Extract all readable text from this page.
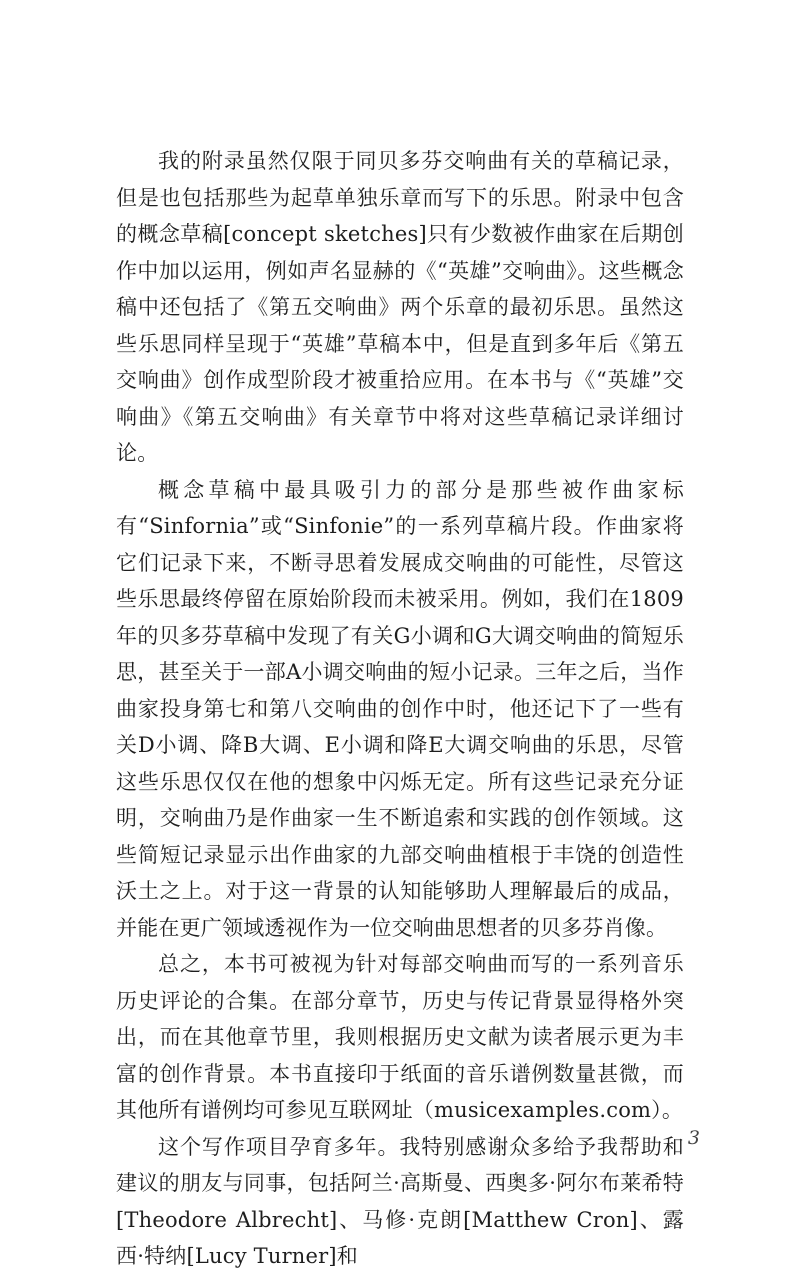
我的附录虽然仅限于同贝多芬交响曲有关的草稿记录，但是也包括那些为起草单独乐章而写下的乐思。附录中包含的概念草稿[concept sketches]只有少数被作曲家在后期创作中加以运用，例如声名显赫的《“英雄”交响曲》。这些概念稿中还包括了《第五交响曲》两个乐章的最初乐思。虽然这些乐思同样呈现于“英雄”草稿本中，但是直到多年后《第五交响曲》创作成型阶段才被重拾应用。在本书与《“英雄”交响曲》《第五交响曲》有关章节中将对这些草稿记录详细讨论。

概念草稿中最具吸引力的部分是那些被作曲家标有“Sinfornia”或“Sinfonie”的一系列草稿片段。作曲家将它们记录下来，不断寻思着发展成交响曲的可能性，尽管这些乐思最终停留在原始阶段而未被采用。例如，我们在1809年的贝多芬草稿中发现了有关G小调和G大调交响曲的简短乐思，甚至关于一部A小调交响曲的短小记录。三年之后，当作曲家投身第七和第八交响曲的创作中时，他还记下了一些有关D小调、降B大调、E小调和降E大调交响曲的乐思，尽管这些乐思仅仅在他的想象中闪烁无定。所有这些记录充分证明，交响曲乃是作曲家一生不断追索和实践的创作领域。这些简短记录显示出作曲家的九部交响曲植根于丰饶的创造性沃土之上。对于这一背景的认知能够助人理解最后的成品，并能在更广领域透视作为一位交响曲思想者的贝多芬肖像。

总之，本书可被视为针对每部交响曲而写的一系列音乐历史评论的合集。在部分章节，历史与传记背景显得格外突出，而在其他章节里，我则根据历史文献为读者展示更为丰富的创作背景。本书直接印于纸面的音乐谱例数量甚微，而其他所有谱例均可参见互联网址（musicexamples.com）。

这个写作项目孕育多年。我特别感谢众多给予我帮助和建议的朋友与同事，包括阿兰·高斯曼、西奥多·阿尔布莱希特[Theodore Albrecht]、马修·克朗[Matthew Cron]、露西·特纳[Lucy Turner]和

3
